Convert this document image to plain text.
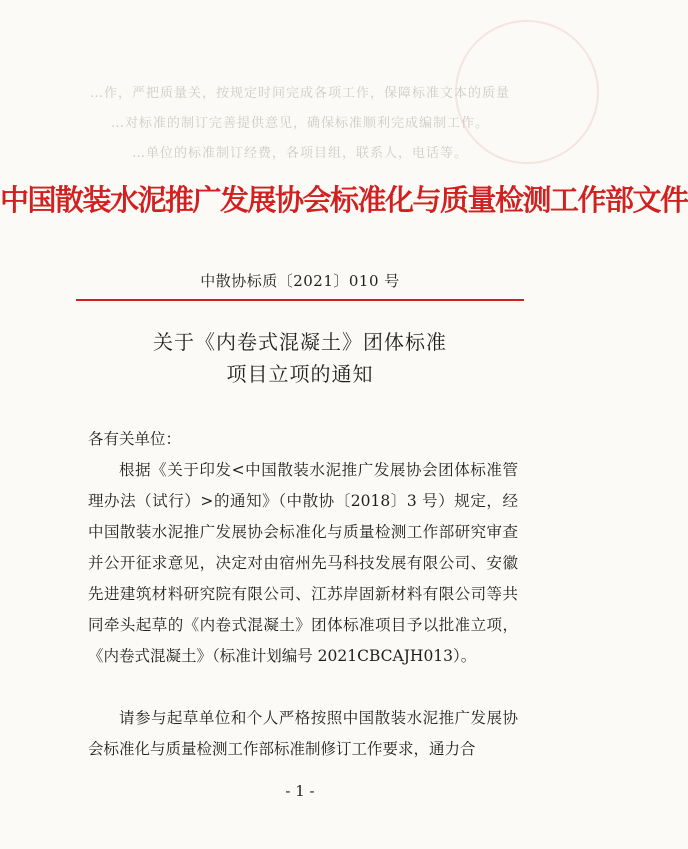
…作，严把质量关，按规定时间完成各项工作，保障标准文本的质量
…对标准的制订完善提供意见，确保标准顺利完成编制工作。
…单位的标准制订经费，各项目组，联系人，电话等。
中国散装水泥推广发展协会标准化与质量检测工作部文件
中散协标质〔2021〕010 号
关于《内卷式混凝土》团体标准
项目立项的通知
各有关单位：
根据《关于印发<中国散装水泥推广发展协会团体标准管理办法（试行）>的通知》（中散协〔2018〕3 号）规定，经中国散装水泥推广发展协会标准化与质量检测工作部研究审查并公开征求意见，决定对由宿州先马科技发展有限公司、安徽先进建筑材料研究院有限公司、江苏岸固新材料有限公司等共同牵头起草的《内卷式混凝土》团体标准项目予以批准立项，《内卷式混凝土》（标准计划编号 2021CBCAJH013）。
请参与起草单位和个人严格按照中国散装水泥推广发展协会标准化与质量检测工作部标准制修订工作要求，通力合
- 1 -
